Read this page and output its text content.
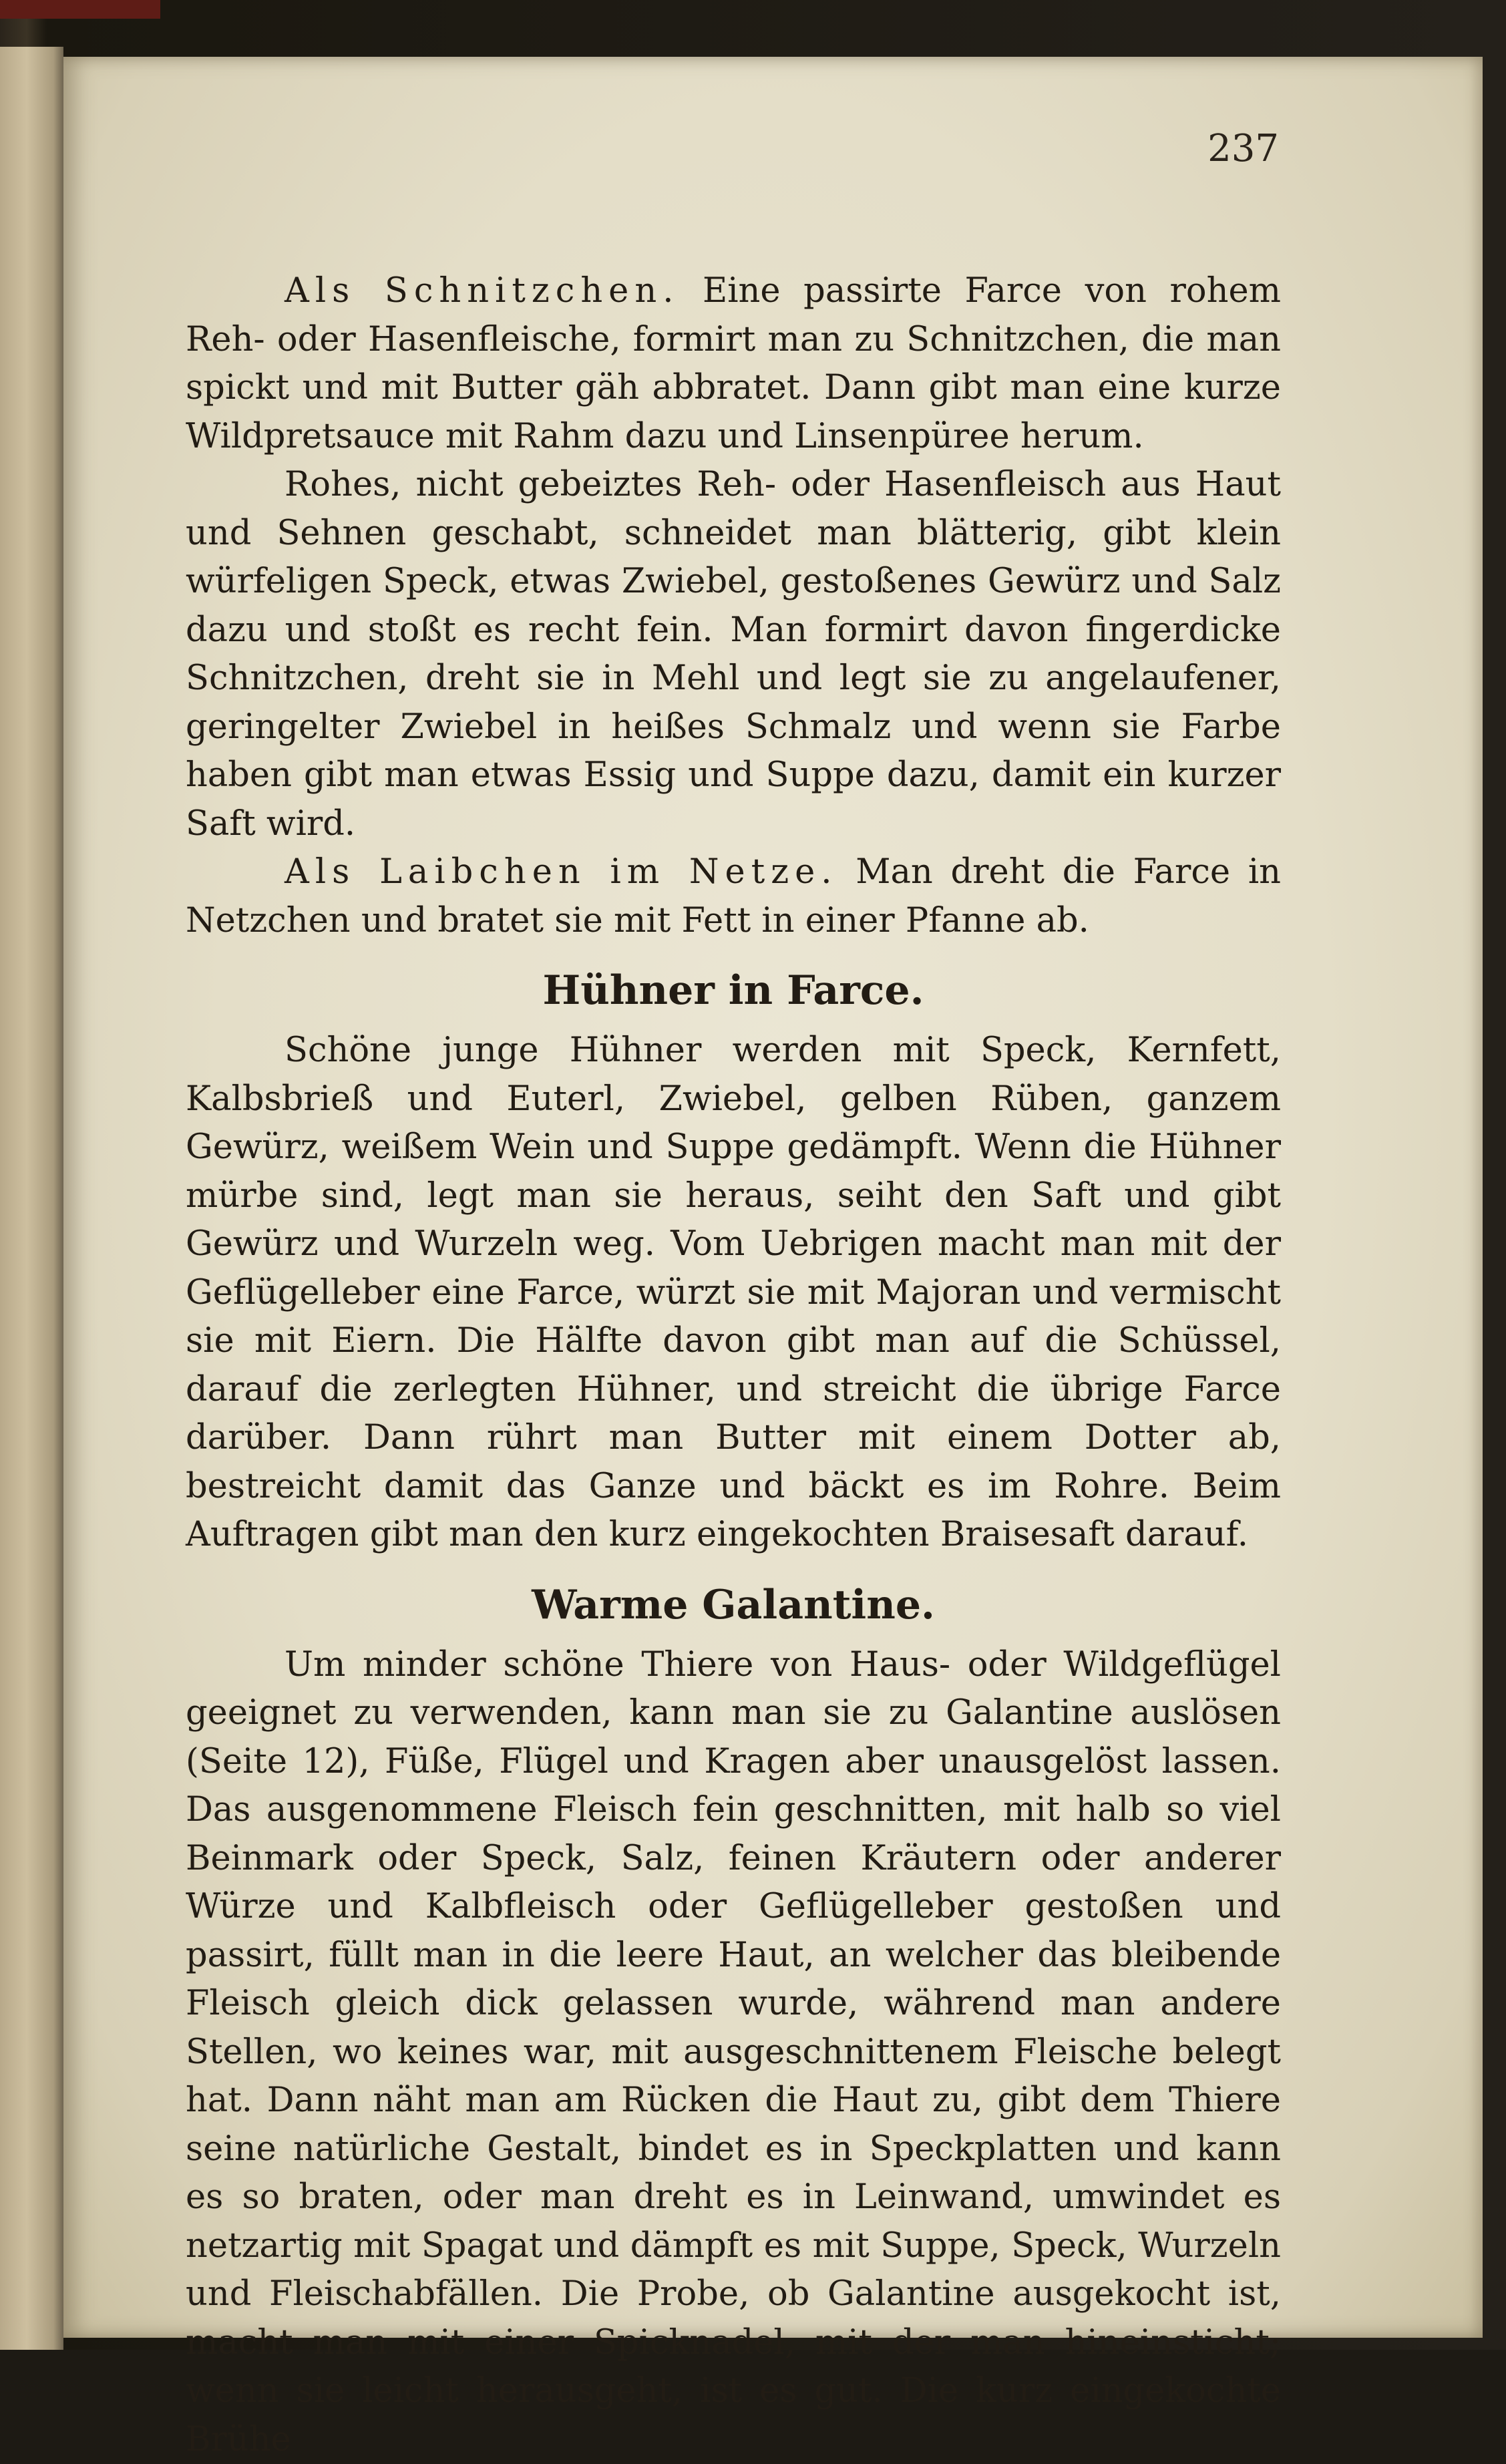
237

Als Schnitzchen. Eine passirte Farce von rohem Reh- oder Hasenfleische, formirt man zu Schnitzchen, die man spickt und mit Butter gäh abbratet. Dann gibt man eine kurze Wildpretsauce mit Rahm dazu und Linsenpüree herum.

Rohes, nicht gebeiztes Reh- oder Hasenfleisch aus Haut und Sehnen geschabt, schneidet man blätterig, gibt klein würfeligen Speck, etwas Zwiebel, gestoßenes Gewürz und Salz dazu und stoßt es recht fein. Man formirt davon fingerdicke Schnitzchen, dreht sie in Mehl und legt sie zu angelaufener, geringelter Zwiebel in heißes Schmalz und wenn sie Farbe haben gibt man etwas Essig und Suppe dazu, damit ein kurzer Saft wird.

Als Laibchen im Netze. Man dreht die Farce in Netzchen und bratet sie mit Fett in einer Pfanne ab.

Hühner in Farce.

Schöne junge Hühner werden mit Speck, Kernfett, Kalbsbrieß und Euterl, Zwiebel, gelben Rüben, ganzem Gewürz, weißem Wein und Suppe gedämpft. Wenn die Hühner mürbe sind, legt man sie heraus, seiht den Saft und gibt Gewürz und Wurzeln weg. Vom Uebrigen macht man mit der Geflügelleber eine Farce, würzt sie mit Majoran und vermischt sie mit Eiern. Die Hälfte davon gibt man auf die Schüssel, darauf die zerlegten Hühner, und streicht die übrige Farce darüber. Dann rührt man Butter mit einem Dotter ab, bestreicht damit das Ganze und bäckt es im Rohre. Beim Auftragen gibt man den kurz eingekochten Braisesaft darauf.

Warme Galantine.

Um minder schöne Thiere von Haus- oder Wildgeflügel geeignet zu verwenden, kann man sie zu Galantine auslösen (Seite 12), Füße, Flügel und Kragen aber unausgelöst lassen. Das ausgenommene Fleisch fein geschnitten, mit halb so viel Beinmark oder Speck, Salz, feinen Kräutern oder anderer Würze und Kalbfleisch oder Geflügelleber gestoßen und passirt, füllt man in die leere Haut, an welcher das bleibende Fleisch gleich dick gelassen wurde, während man andere Stellen, wo keines war, mit ausgeschnittenem Fleische belegt hat. Dann näht man am Rücken die Haut zu, gibt dem Thiere seine natürliche Gestalt, bindet es in Speckplatten und kann es so braten, oder man dreht es in Leinwand, umwindet es netzartig mit Spagat und dämpft es mit Suppe, Speck, Wurzeln und Fleischabfällen. Die Probe, ob Galantine ausgekocht ist, macht man mit einer Spicknadel, mit der man hineinsticht; wenn sie leicht herausgeht, ist es gut. Die kurz eingekochte Brühe
